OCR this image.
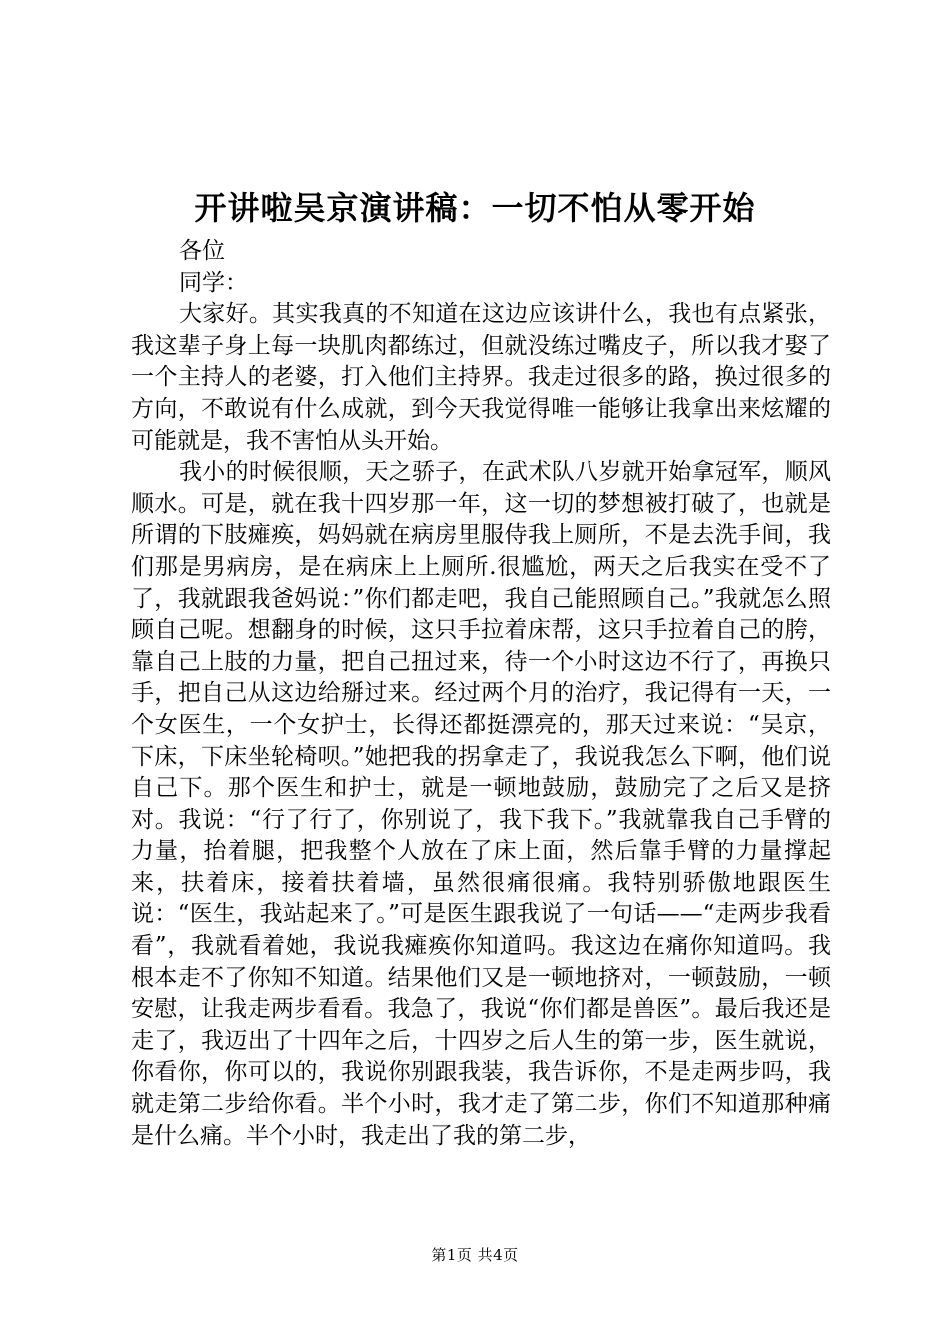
开讲啦吴京演讲稿：一切不怕从零开始

各位

同学：

大家好。其实我真的不知道在这边应该讲什么，我也有点紧张，我这辈子身上每一块肌肉都练过，但就没练过嘴皮子，所以我才娶了一个主持人的老婆，打入他们主持界。我走过很多的路，换过很多的方向，不敢说有什么成就，到今天我觉得唯一能够让我拿出来炫耀的可能就是，我不害怕从头开始。

我小的时候很顺，天之骄子，在武术队八岁就开始拿冠军，顺风顺水。可是，就在我十四岁那一年，这一切的梦想被打破了，也就是所谓的下肢瘫痪，妈妈就在病房里服侍我上厕所，不是去洗手间，我们那是男病房，是在病床上上厕所.很尴尬，两天之后我实在受不了了，我就跟我爸妈说：”你们都走吧，我自己能照顾自己。”我就怎么照顾自己呢。想翻身的时候，这只手拉着床帮，这只手拉着自己的胯，靠自己上肢的力量，把自己扭过来，待一个小时这边不行了，再换只手，把自己从这边给掰过来。经过两个月的治疗，我记得有一天，一个女医生，一个女护士，长得还都挺漂亮的，那天过来说：“吴京，下床，下床坐轮椅呗。”她把我的拐拿走了，我说我怎么下啊，他们说自己下。那个医生和护士，就是一顿地鼓励，鼓励完了之后又是挤对。我说：“行了行了，你别说了，我下我下。”我就靠我自己手臂的力量，抬着腿，把我整个人放在了床上面，然后靠手臂的力量撑起来，扶着床，接着扶着墙，虽然很痛很痛。我特别骄傲地跟医生说：“医生，我站起来了。”可是医生跟我说了一句话——“走两步我看看”，我就看着她，我说我瘫痪你知道吗。我这边在痛你知道吗。我根本走不了你知不知道。结果他们又是一顿地挤对，一顿鼓励，一顿安慰，让我走两步看看。我急了，我说“你们都是兽医”。最后我还是走了，我迈出了十四年之后，十四岁之后人生的第一步，医生就说，你看你，你可以的，我说你别跟我装，我告诉你，不是走两步吗，我就走第二步给你看。半个小时，我才走了第二步，你们不知道那种痛是什么痛。半个小时，我走出了我的第二步，

第1页 共4页
